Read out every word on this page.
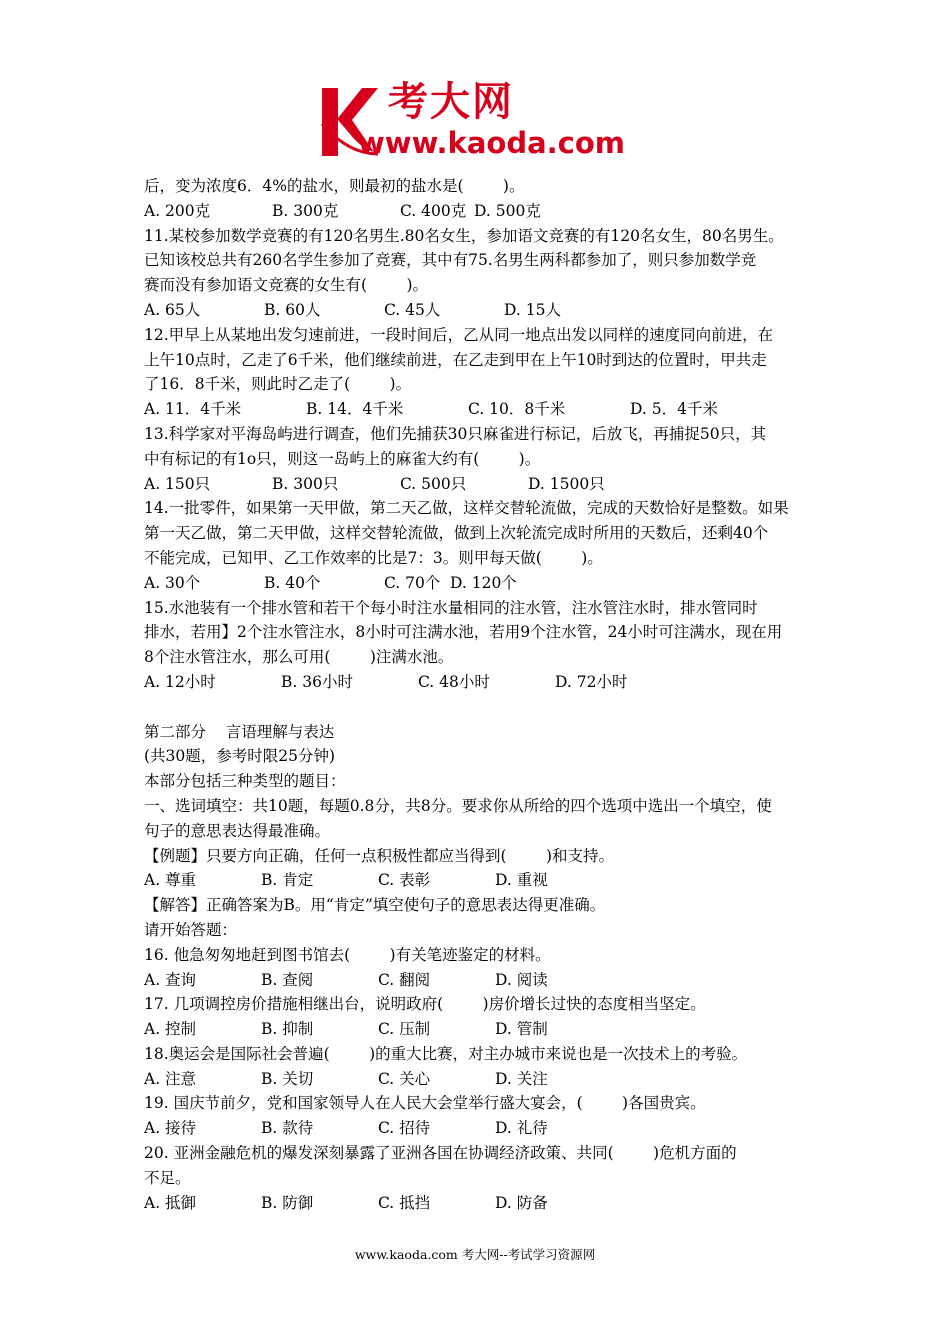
考大网
www.kaoda.com
后，变为浓度6．4%的盐水，则最初的盐水是(        )。
A. 200克	B. 300克	C. 400克 D. 500克
11.某校参加数学竞赛的有120名男生.80名女生，参加语文竞赛的有120名女生，80名男生。
已知该校总共有260名学生参加了竞赛，其中有75.名男生两科都参加了，则只参加数学竞
赛而没有参加语文竞赛的女生有(        )。
A. 65人	B. 60人	C. 45人	D. 15人
12.甲早上从某地出发匀速前进，一段时间后，乙从同一地点出发以同样的速度同向前进，在
上午10点时，乙走了6千米，他们继续前进，在乙走到甲在上午10时到达的位置时，甲共走
了16．8千米，则此时乙走了(        )。
A. 11．4千米	B. 14．4千米	C. 10．8千米	D. 5．4千米
13.科学家对平海岛屿进行调查，他们先捕获30只麻雀进行标记，后放飞，再捕捉50只，其
中有标记的有1o只，则这一岛屿上的麻雀大约有(        )。
A. 150只	B. 300只	C. 500只	D. 1500只
14.一批零件，如果第一天甲做，第二天乙做，这样交替轮流做，完成的天数恰好是整数。如果
第一天乙做，第二天甲做，这样交替轮流做，做到上次轮流完成时所用的天数后，还剩40个
不能完成，已知甲、乙工作效率的比是7：3。则甲每天做(        )。
A. 30个	B. 40个	C. 70个 D. 120个
15.水池装有一个排水管和若干个每小时注水量相同的注水管，注水管注水时，排水管同时
排水，若用】2个注水管注水，8小时可注满水池，若用9个注水管，24小时可注满水，现在用
8个注水管注水，那么可用(        )注满水池。
A. 12小时	B. 36小时	C. 48小时	D. 72小时
第二部分    言语理解与表达
(共30题，参考时限25分钟)
本部分包括三种类型的题目：
一、选词填空：共10题，每题0.8分，共8分。要求你从所给的四个选项中选出一个填空，使
句子的意思表达得最准确。
【例题】只要方向正确，任何一点积极性都应当得到(        )和支持。
A. 尊重	B. 肯定	C. 表彰	D. 重视
【解答】正确答案为B。用“肯定”填空使句子的意思表达得更准确。
请开始答题：
16. 他急匆匆地赶到图书馆去(        )有关笔迹鉴定的材料。
A. 查询	B. 查阅	C. 翻阅	D. 阅读
17. 几项调控房价措施相继出台，说明政府(        )房价增长过快的态度相当坚定。
A. 控制	B. 抑制	C. 压制	D. 管制
18.奥运会是国际社会普遍(        )的重大比赛，对主办城市来说也是一次技术上的考验。
A. 注意	B. 关切	C. 关心	D. 关注
19. 国庆节前夕，党和国家领导人在人民大会堂举行盛大宴会，(        )各国贵宾。
A. 接待	B. 款待	C. 招待	D. 礼待
20. 亚洲金融危机的爆发深刻暴露了亚洲各国在协调经济政策、共同(        )危机方面的
不足。
A. 抵御	B. 防御	C. 抵挡	D. 防备
www.kaoda.com 考大网--考试学习资源网
